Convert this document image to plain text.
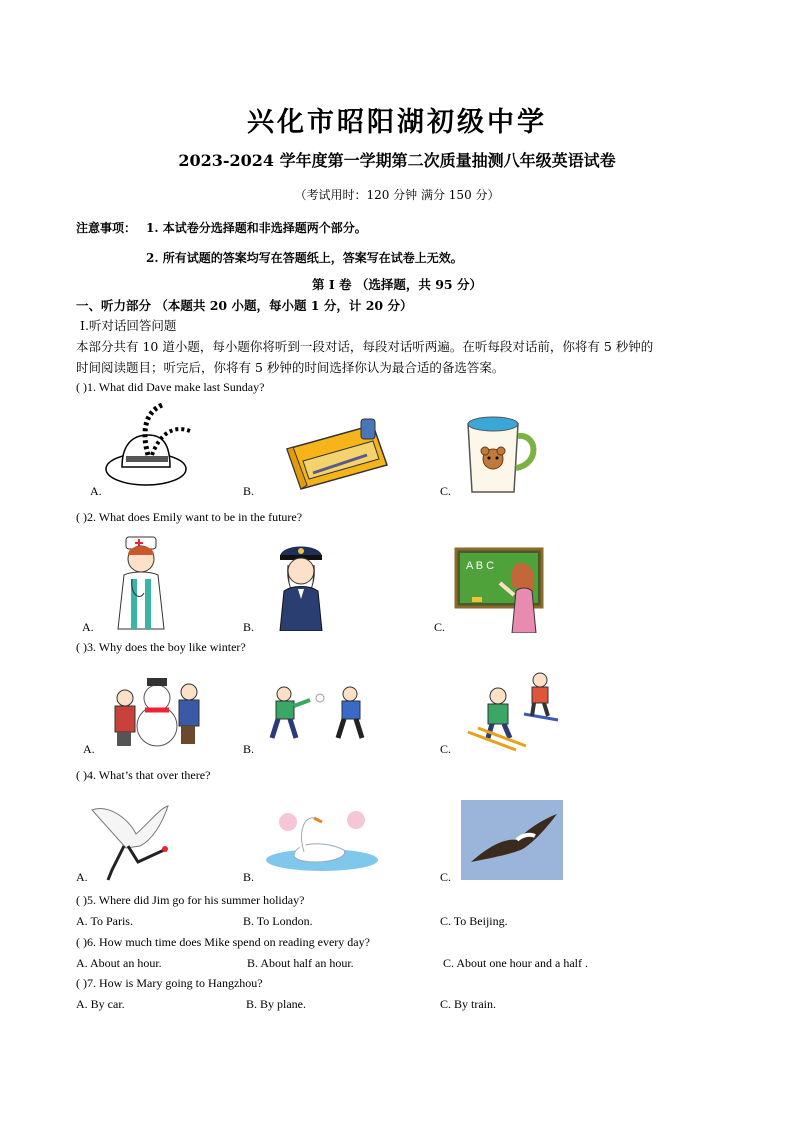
兴化市昭阳湖初级中学
2023-2024 学年度第一学期第二次质量抽测八年级英语试卷
（考试用时：120 分钟 满分 150 分）
注意事项： 1. 本试卷分选择题和非选择题两个部分。
2. 所有试题的答案均写在答题纸上，答案写在试卷上无效。
第 I 卷 （选择题，共 95 分）
一、听力部分 （本题共 20 小题，每小题 1 分，计 20 分）
I.听对话回答问题
本部分共有 10 道小题，每小题你将听到一段对话，每段对话听两遍。在听每段对话前，你将有 5 秒钟的
时间阅读题目；听完后，你将有 5 秒钟的时间选择你认为最合适的备选答案。
( )1. What did Dave make last Sunday?
A.	B.	C.
( )2. What does Emily want to be in the future?
A.	B.
A B C
C.
( )3. Why does the boy like winter?
A.	B.	C.
( )4. What’s that over there?
A.	B.	C.
( )5. Where did Jim go for his summer holiday?
A. To Paris.	B. To London.	C. To Beijing.
( )6. How much time does Mike spend on reading every day?
A. About an hour.	B. About half an hour.	C. About one hour and a half .
( )7. How is Mary going to Hangzhou?
A. By car.	B. By plane.	C. By train.
